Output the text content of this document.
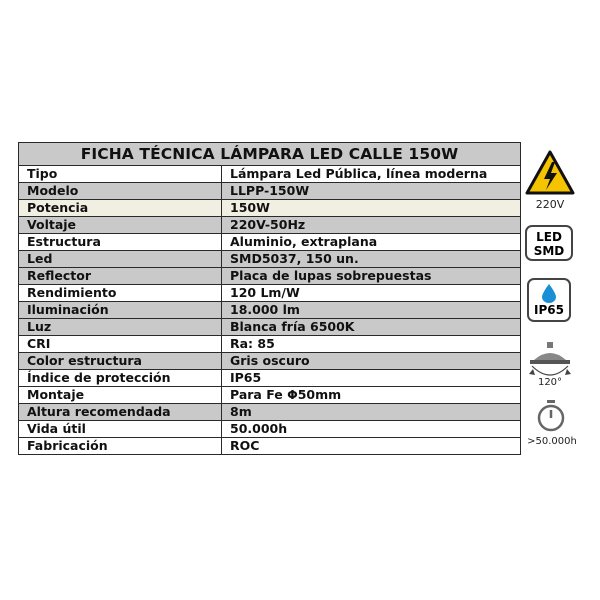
FICHA TÉCNICA LÁMPARA LED CALLE 150W	
Tipo	Lámpara Led Pública, línea moderna
Modelo	LLPP-150W
Potencia	150W
Voltaje	220V-50Hz
Estructura	Aluminio, extraplana
Led	SMD5037, 150 un.
Reflector	Placa de lupas sobrepuestas
Rendimiento	120 Lm/W
Iluminación	18.000 lm
Luz	Blanca fría 6500K
CRI	Ra: 85
Color estructura	Gris oscuro
Índice de protección	IP65
Montaje	Para Fe Φ50mm
Altura recomendada	8m
Vida útil	50.000h
Fabricación	ROC
220V
LED
SMD
IP65
120°
>50.000h
